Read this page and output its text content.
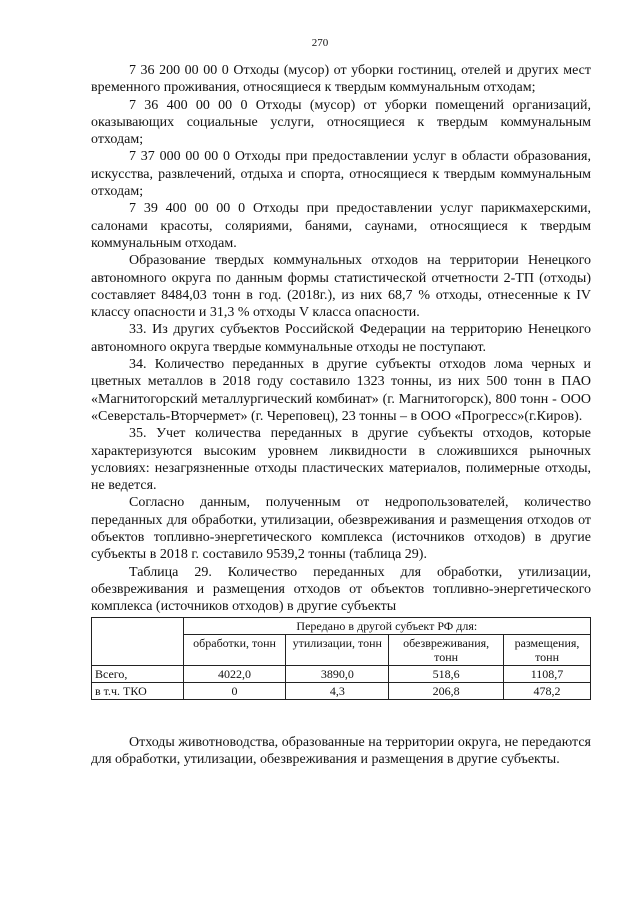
270

7 36 200 00 00 0 Отходы (мусор) от уборки гостиниц, отелей и других мест временного проживания, относящиеся к твердым коммунальным отходам;

7 36 400 00 00 0 Отходы (мусор) от уборки помещений организаций, оказывающих социальные услуги, относящиеся к твердым коммунальным отходам;

7 37 000 00 00 0 Отходы при предоставлении услуг в области образования, искусства, развлечений, отдыха и спорта, относящиеся к твердым коммунальным отходам;

7 39 400 00 00 0 Отходы при предоставлении услуг парикмахерскими, салонами красоты, соляриями, банями, саунами, относящиеся к твердым коммунальным отходам.

Образование твердых коммунальных отходов на территории Ненецкого автономного округа по данным формы статистической отчетности 2-ТП (отходы) составляет 8484,03 тонн в год. (2018г.), из них 68,7 % отходы, отнесенные к IV классу опасности и 31,3 % отходы V класса опасности.

33. Из других субъектов Российской Федерации на территорию Ненецкого автономного округа твердые коммунальные отходы не поступают.

34. Количество переданных в другие субъекты отходов лома черных и цветных металлов в 2018 году составило 1323 тонны, из них 500 тонн в ПАО «Магнитогорский металлургический комбинат» (г. Магнитогорск), 800 тонн - ООО «Северсталь-Вторчермет» (г. Череповец), 23 тонны – в ООО «Прогресс»(г.Киров).

35. Учет количества переданных в другие субъекты отходов, которые характеризуются высоким уровнем ликвидности в сложившихся рыночных условиях: незагрязненные отходы пластических материалов, полимерные отходы, не ведется.

Согласно данным, полученным от недропользователей, количество переданных для обработки, утилизации, обезвреживания и размещения отходов от объектов топливно-энергетического комплекса (источников отходов) в другие субъекты в 2018 г. составило 9539,2 тонны (таблица 29).

Таблица 29. Количество переданных для обработки, утилизации, обезвреживания и размещения отходов от объектов топливно-энергетического комплекса (источников отходов) в другие субъекты

	Передано в другой субъект РФ для:			
	обработки, тонн	утилизации, тонн	обезвреживания, тонн	размещения, тонн
Всего,	4022,0	3890,0	518,6	1108,7
в т.ч. ТКО	0	4,3	206,8	478,2

Отходы животноводства, образованные на территории округа, не передаются для обработки, утилизации, обезвреживания и размещения в другие субъекты.
